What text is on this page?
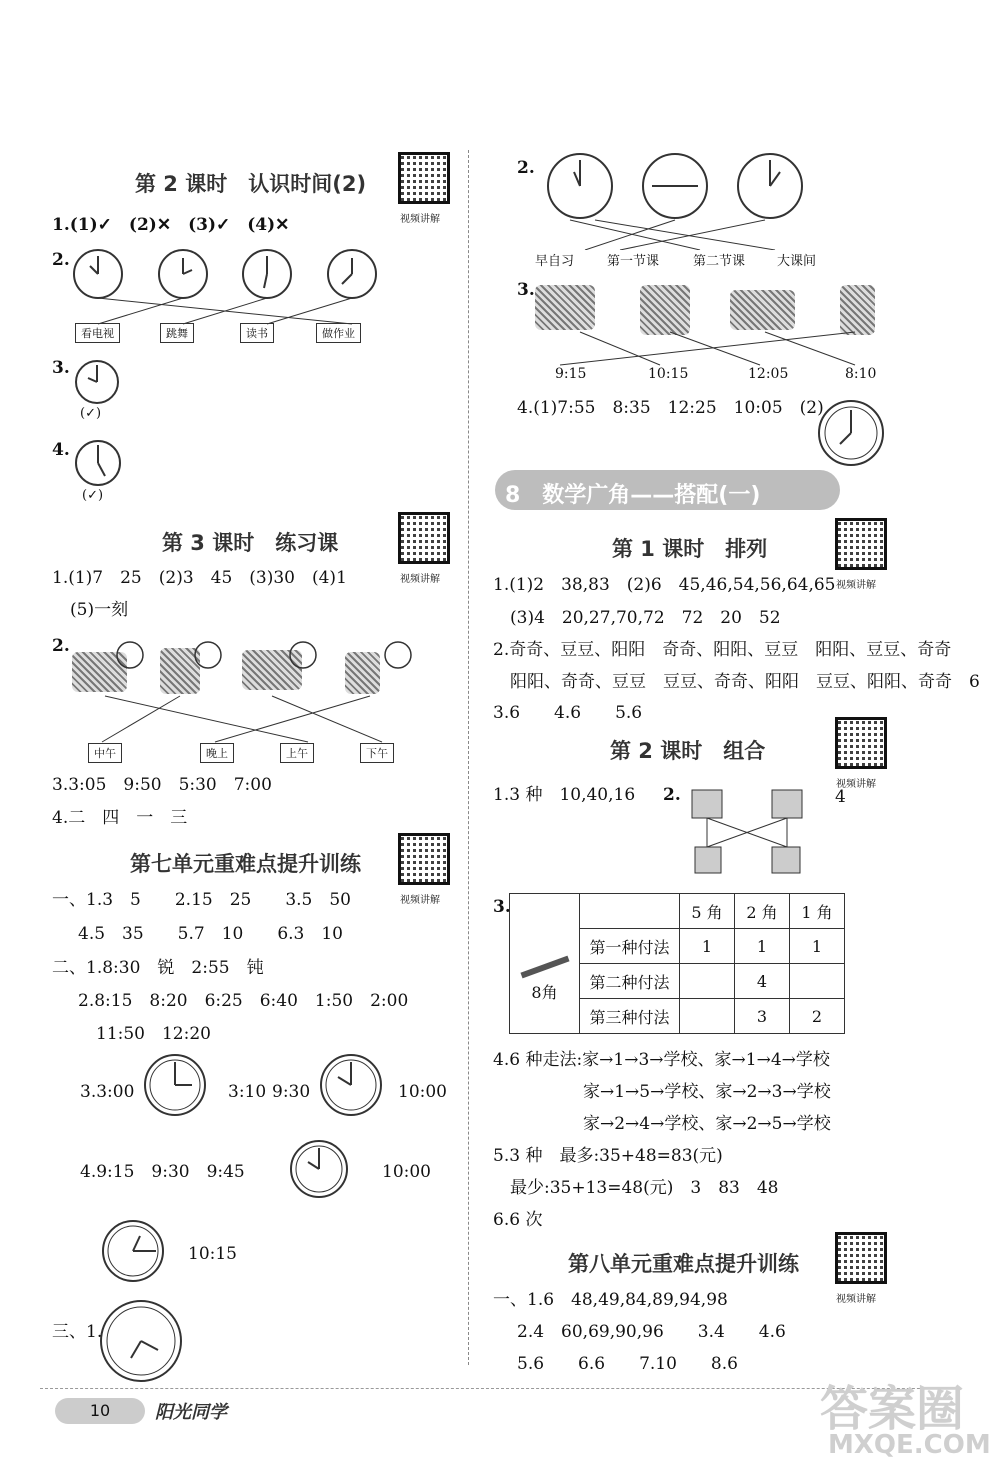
第 2 课时　认识时间(2)
视频讲解
1.(1)✓　(2)✕　(3)✓　(4)✕
2.
看电视	跳舞	读书	做作业
3.
(✓)
4.
(✓)
第 3 课时　练习课
视频讲解
1.(1)7　25　(2)3　45　(3)30　(4)1
(5)一刻
2.
中午	晚上	上午	下午
3.3:05　9:50　5:30　7:00
4.二　四　一　三
第七单元重难点提升训练
视频讲解
一、1.3　5　　2.15　25　　3.5　50
4.5　35　　5.7　10　　6.3　10
二、1.8:30　锐　2:55　钝
2.8:15　8:20　6:25　6:40　1:50　2:00
11:50　12:20
3.3:00	3:10 9:30	10:00
4.9:15　9:30　9:45	10:00
10:15
三、1.
2.
早自习	第一节课	第二节课 大课间
3.
9:15	10:15	12:05	8:10
4.(1)7:55　8:35　12:25　10:05　(2)
8　数学广角——搭配(一)
第 1 课时　排列
视频讲解
1.(1)2　38,83　(2)6　45,46,54,56,64,65
(3)4　20,27,70,72　72　20　52
2.奇奇、豆豆、阳阳　奇奇、阳阳、豆豆　阳阳、豆豆、奇奇
阳阳、奇奇、豆豆　豆豆、奇奇、阳阳　豆豆、阳阳、奇奇　6
3.6　　4.6　　5.6
第 2 课时　组合
视频讲解
1.3 种　10,40,16 2.	4
3.
8角		5 角	2 角	1 角
	第一种付法	1	1	1
	第二种付法		4	
	第三种付法		3	2
4.6 种走法:家→1→3→学校、家→1→4→学校
家→1→5→学校、家→2→3→学校
家→2→4→学校、家→2→5→学校
5.3 种　最多:35+48=83(元)
最少:35+13=48(元)　3　83　48
6.6 次
第八单元重难点提升训练
视频讲解
一、1.6　48,49,84,89,94,98
2.4　60,69,90,96　　3.4　　4.6
5.6　　6.6　　7.10　　8.6
10	阳光同学	答案圈
MXQE.COM
